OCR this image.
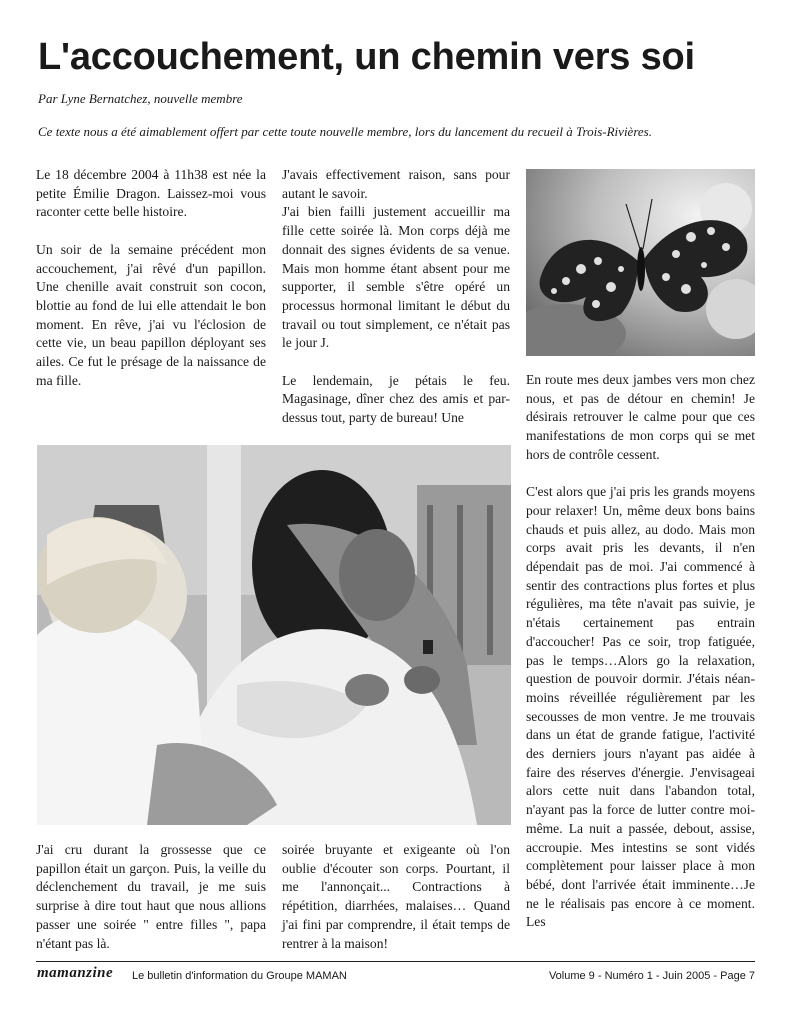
L'accouchement, un chemin vers soi
Par Lyne Bernatchez, nouvelle membre
Ce texte nous a été aimablement offert par cette toute nouvelle membre, lors du lancement du recueil à Trois-Rivières.

Le 18 décembre 2004 à 11h38 est née la petite Émilie Dragon. Laissez-moi vous raconter cette belle histoire.

Un soir de la semaine précédent mon accouchement, j'ai rêvé d'un papillon. Une chenille avait construit son cocon, blottie au fond de lui elle attendait le bon moment. En rêve, j'ai vu l'éclosion de cette vie, un beau papillon déployant ses ailes. Ce fut le présage de la naissance de ma fille.

J'avais effectivement raison, sans pour autant le savoir.

J'ai bien failli justement accueillir ma fille cette soirée là. Mon corps déjà me donnait des signes évidents de sa venue. Mais mon homme étant absent pour me supporter, il semble s'être opéré un processus hormonal limitant le début du travail ou tout simplement, ce n'était pas le jour J.

Le lendemain, je pétais le feu. Magasinage, dîner chez des amis et par-dessus tout, party de bureau! Une

En route mes deux jambes vers mon chez nous, et pas de détour en chemin! Je désirais retrouver le calme pour que ces manifestations de mon corps qui se met hors de contrôle cessent.

C'est alors que j'ai pris les grands moyens pour relaxer! Un, même deux bons bains chauds et puis allez, au dodo. Mais mon corps avait pris les devants, il n'en dépendait pas de moi. J'ai commencé à sentir des contractions plus fortes et plus régulières, ma tête n'avait pas suivie, je n'étais certainement pas entrain d'accoucher! Pas ce soir, trop fatiguée, pas le temps…Alors go la relaxation, question de pouvoir dormir. J'étais néanmoins réveillée régulièrement par les secousses de mon ventre. Je me trouvais dans un état de grande fatigue, l'activité des derniers jours n'ayant pas aidée à faire des réserves d'énergie. J'envisageai alors cette nuit dans l'abandon total, n'ayant pas la force de lutter contre moi-même. La nuit a passée, debout, assise, accroupie. Mes intestins se sont vidés complètement pour laisser place à mon bébé, dont l'arrivée était imminente…Je ne le réalisais pas encore à ce moment. Les

J'ai cru durant la grossesse que ce papillon était un garçon. Puis, la veille du déclenchement du travail, je me suis surprise à dire tout haut que nous allions passer une soirée " entre filles ", papa n'étant pas là.

soirée bruyante et exigeante où l'on oublie d'écouter son corps. Pourtant, il me l'annonçait... Contractions à répétition, diarrhées, malaises… Quand j'ai fini par comprendre, il était temps de rentrer à la maison!

mamanzine Le bulletin d'information du Groupe MAMAN	Volume 9 - Numéro 1 - Juin 2005 - Page 7
